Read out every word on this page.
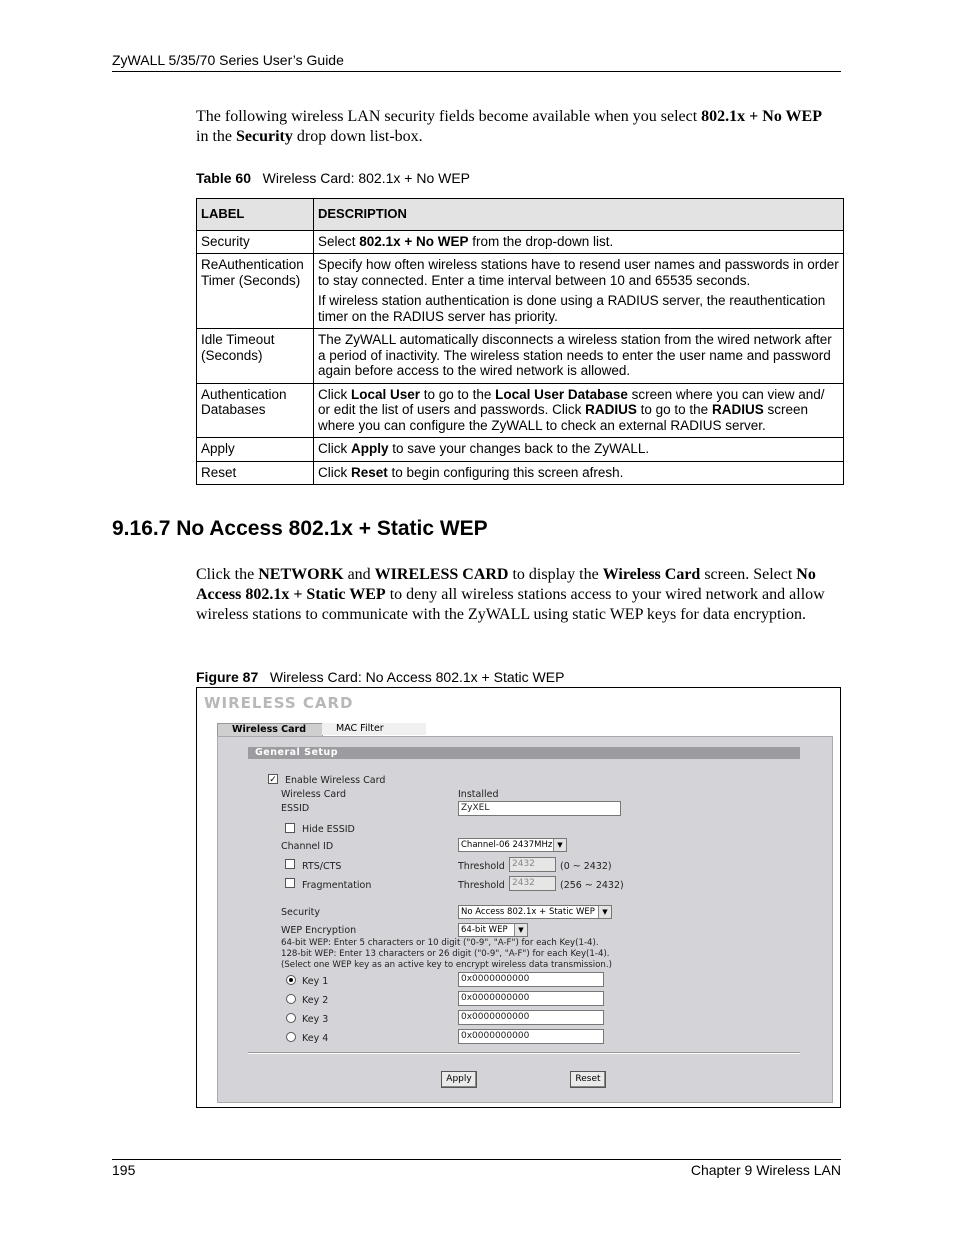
ZyWALL 5/35/70 Series User’s Guide
The following wireless LAN security fields become available when you select 802.1x + No WEP in the Security drop down list-box.
Table 60 Wireless Card: 802.1x + No WEP
LABEL	DESCRIPTION
Security	Select 802.1x + No WEP from the drop-down list.
ReAuthentication Timer (Seconds)	Specify how often wireless stations have to resend user names and passwords in order to stay connected. Enter a time interval between 10 and 65535 seconds.

If wireless station authentication is done using a RADIUS server, the reauthentication timer on the RADIUS server has priority.

Idle Timeout (Seconds)	The ZyWALL automatically disconnects a wireless station from the wired network after a period of inactivity. The wireless station needs to enter the user name and password again before access to the wired network is allowed.
Authentication Databases	Click Local User to go to the Local User Database screen where you can view and/ or edit the list of users and passwords. Click RADIUS to go to the RADIUS screen where you can configure the ZyWALL to check an external RADIUS server.
Apply	Click Apply to save your changes back to the ZyWALL.
Reset	Click Reset to begin configuring this screen afresh.
9.16.7 No Access 802.1x + Static WEP
Click the NETWORK and WIRELESS CARD to display the Wireless Card screen. Select No Access 802.1x + Static WEP to deny all wireless stations access to your wired network and allow wireless stations to communicate with the ZyWALL using static WEP keys for data encryption.
Figure 87 Wireless Card: No Access 802.1x + Static WEP
WIRELESS CARD
Wireless Card	MAC Filter
General Setup
✓ Enable Wireless Card
Wireless Card	Installed
ESSID	ZyXEL
Hide ESSID
Channel ID	Channel-06 2437MHz ▼
RTS/CTS	Threshold 2432	(0 ~ 2432)
Fragmentation	Threshold 2432	(256 ~ 2432)
Security	No Access 802.1x + Static WEP	▼
WEP Encryption	64-bit WEP	▼
64-bit WEP: Enter 5 characters or 10 digit ("0-9", "A-F") for each Key(1-4).
128-bit WEP: Enter 13 characters or 26 digit ("0-9", "A-F") for each Key(1-4).
(Select one WEP key as an active key to encrypt wireless data transmission.)
Key 1	0x0000000000
Key 2	0x0000000000
Key 3	0x0000000000
Key 4	0x0000000000
Apply	Reset
195	Chapter 9 Wireless LAN
